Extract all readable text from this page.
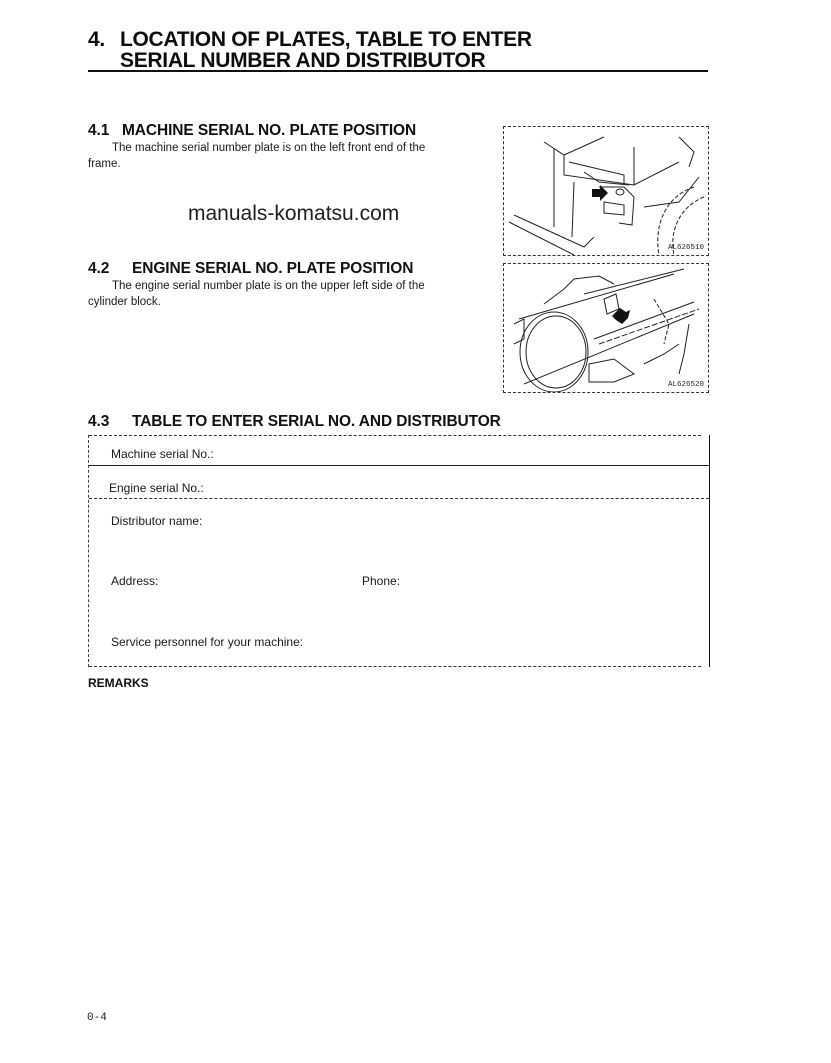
4. LOCATION OF PLATES, TABLE TO ENTER
SERIAL NUMBER AND DISTRIBUTOR
4.1 MACHINE SERIAL NO. PLATE POSITION
The machine serial number plate is on the left front end of the
frame.
AL626510
manuals-komatsu.com
4.2 ENGINE SERIAL NO. PLATE POSITION
The engine serial number plate is on the upper left side of the
cylinder block.
AL626520
4.3 TABLE TO ENTER SERIAL NO. AND DISTRIBUTOR
Machine serial No.:
Engine serial No.:
Distributor name:
Address:	Phone:
Service personnel for your machine:
REMARKS
0-4
